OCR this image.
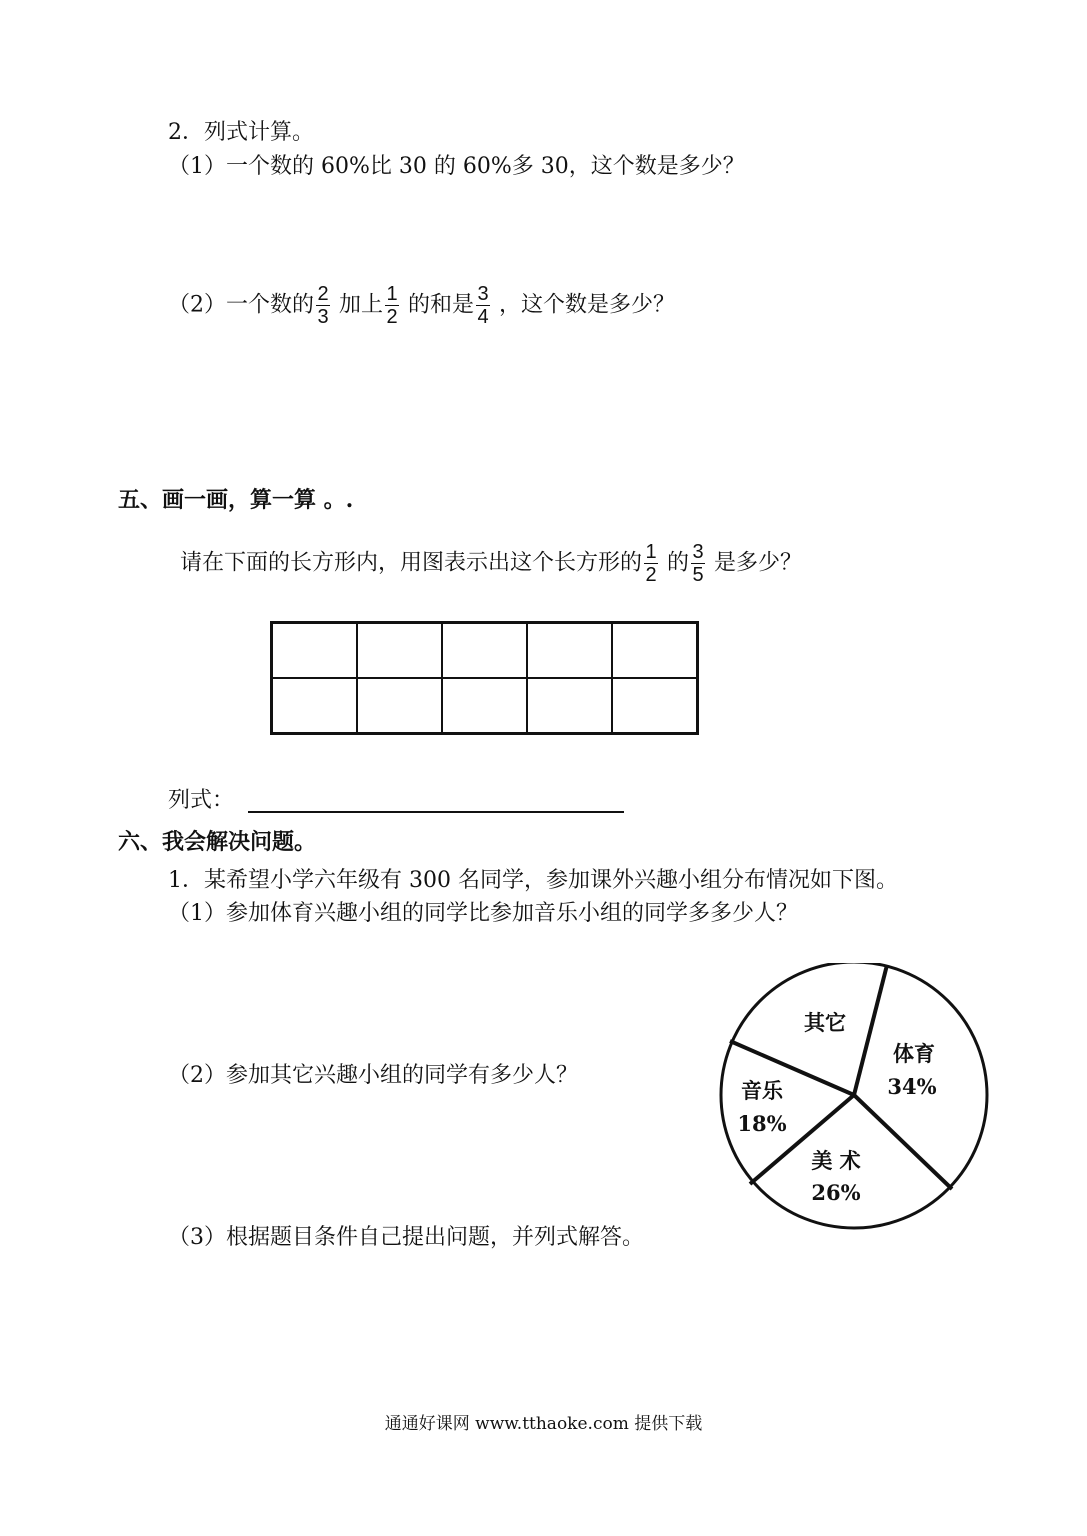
2．列式计算。
（1）一个数的 60%比 30 的 60%多 30，这个数是多少？
（2）一个数的 $\frac{2}{3}$ 加上 $\frac{1}{2}$ 的和是 $\frac{3}{4}$ ，这个数是多少？
五、画一画，算一算 。.
请在下面的长方形内，用图表示出这个长方形的 $\frac{1}{2}$ 的 $\frac{3}{5}$ 是多少？
列式：
六、我会解决问题。
1．某希望小学六年级有 300 名同学，参加课外兴趣小组分布情况如下图。
（1）参加体育兴趣小组的同学比参加音乐小组的同学多多少人？
（2）参加其它兴趣小组的同学有多少人？
（3）根据题目条件自己提出问题，并列式解答。
其它
体育
34%
音乐
18%
美 术
26%
通通好课网 www.tthaoke.com 提供下载
